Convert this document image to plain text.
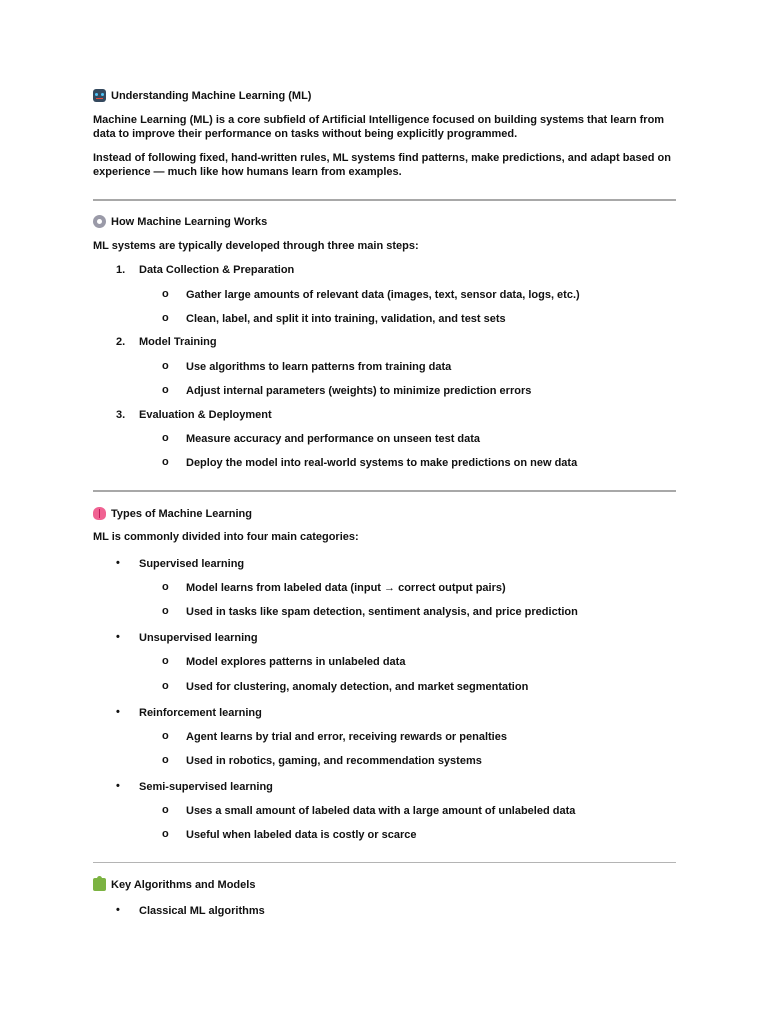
Understanding Machine Learning (ML)
Machine Learning (ML) is a core subfield of Artificial Intelligence focused on building systems that learn from data to improve their performance on tasks without being explicitly programmed.
Instead of following fixed, hand-written rules, ML systems find patterns, make predictions, and adapt based on experience — much like how humans learn from examples.
How Machine Learning Works
ML systems are typically developed through three main steps:
1. Data Collection & Preparation
o Gather large amounts of relevant data (images, text, sensor data, logs, etc.)
o Clean, label, and split it into training, validation, and test sets
2. Model Training
o Use algorithms to learn patterns from training data
o Adjust internal parameters (weights) to minimize prediction errors
3. Evaluation & Deployment
o Measure accuracy and performance on unseen test data
o Deploy the model into real-world systems to make predictions on new data
Types of Machine Learning
ML is commonly divided into four main categories:
• Supervised learning
o Model learns from labeled data (input → correct output pairs)
o Used in tasks like spam detection, sentiment analysis, and price prediction
• Unsupervised learning
o Model explores patterns in unlabeled data
o Used for clustering, anomaly detection, and market segmentation
• Reinforcement learning
o Agent learns by trial and error, receiving rewards or penalties
o Used in robotics, gaming, and recommendation systems
• Semi-supervised learning
o Uses a small amount of labeled data with a large amount of unlabeled data
o Useful when labeled data is costly or scarce
Key Algorithms and Models
• Classical ML algorithms
